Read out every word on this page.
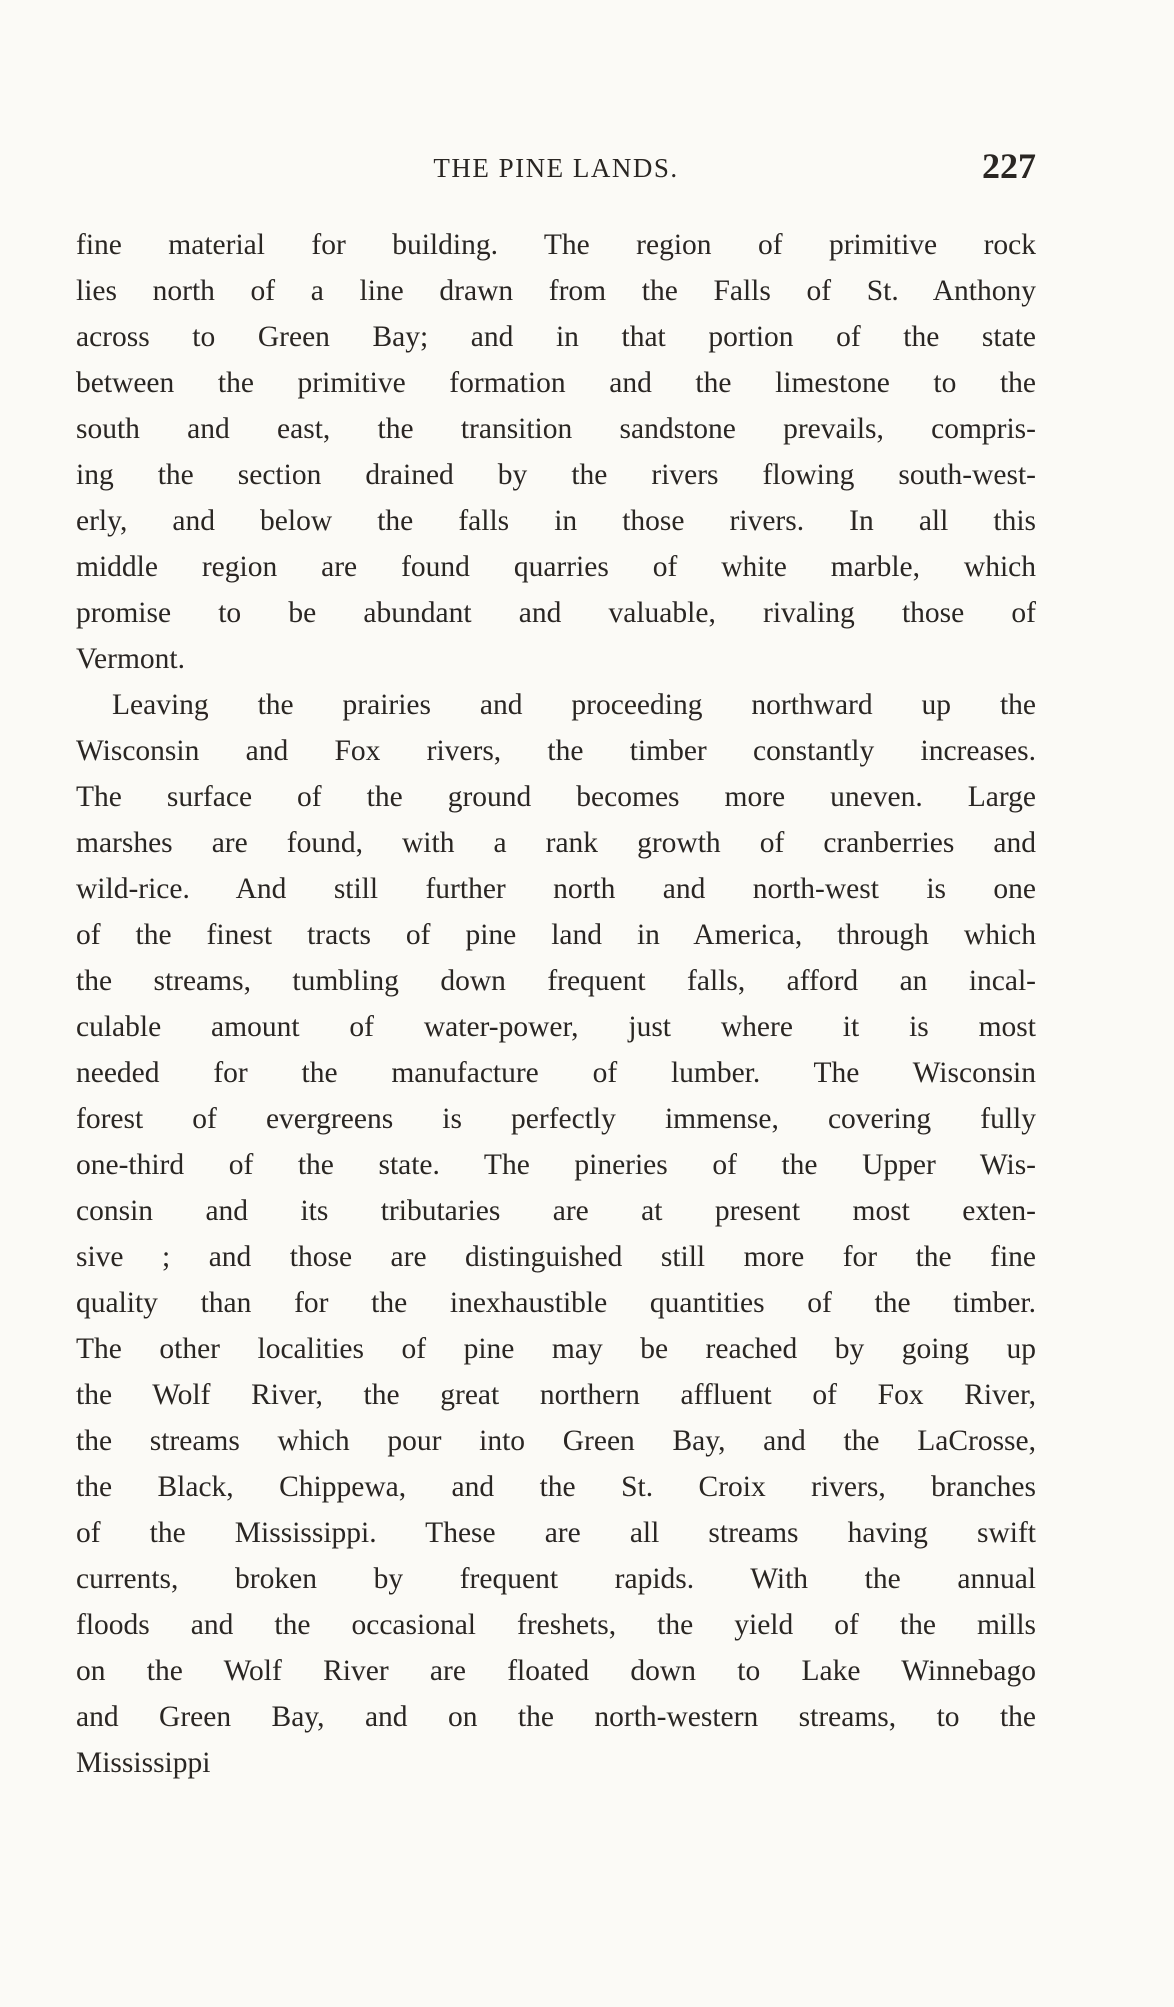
THE PINE LANDS.	227
fine material for building. The region of primitive rock
lies north of a line drawn from the Falls of St. Anthony
across to Green Bay; and in that portion of the state
between the primitive formation and the limestone to the
south and east, the transition sandstone prevails, compris-
ing the section drained by the rivers flowing south-west-
erly, and below the falls in those rivers. In all this
middle region are found quarries of white marble, which
promise to be abundant and valuable, rivaling those of
Vermont.
Leaving the prairies and proceeding northward up the
Wisconsin and Fox rivers, the timber constantly increases.
The surface of the ground becomes more uneven. Large
marshes are found, with a rank growth of cranberries and
wild-rice. And still further north and north-west is one
of the finest tracts of pine land in America, through which
the streams, tumbling down frequent falls, afford an incal-
culable amount of water-power, just where it is most
needed for the manufacture of lumber. The Wisconsin
forest of evergreens is perfectly immense, covering fully
one-third of the state. The pineries of the Upper Wis-
consin and its tributaries are at present most exten-
sive ; and those are distinguished still more for the fine
quality than for the inexhaustible quantities of the timber.
The other localities of pine may be reached by going up
the Wolf River, the great northern affluent of Fox River,
the streams which pour into Green Bay, and the LaCrosse,
the Black, Chippewa, and the St. Croix rivers, branches
of the Mississippi. These are all streams having swift
currents, broken by frequent rapids. With the annual
floods and the occasional freshets, the yield of the mills
on the Wolf River are floated down to Lake Winnebago
and Green Bay, and on the north-western streams, to the
Mississippi
